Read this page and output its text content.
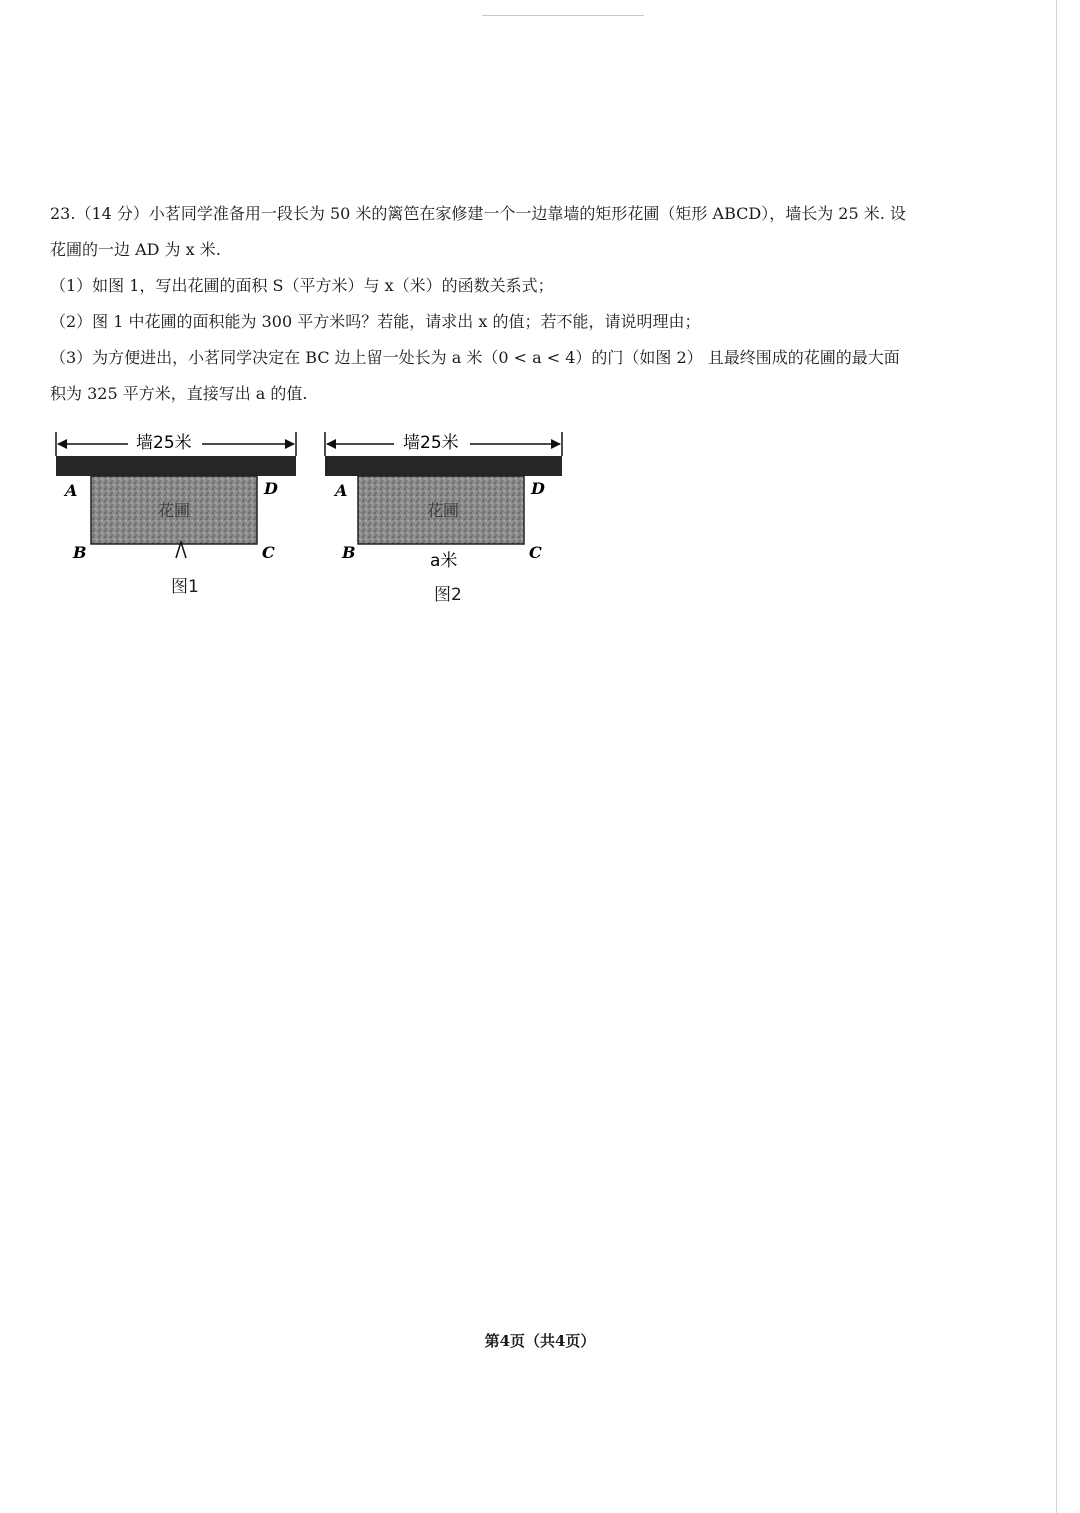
23.（14 分）小茗同学准备用一段长为 50 米的篱笆在家修建一个一边靠墙的矩形花圃（矩形 ABCD），墙长为 25 米. 设

花圃的一边 AD 为 x 米.

（1）如图 1，写出花圃的面积 S（平方米）与 x（米）的函数关系式；

（2）图 1 中花圃的面积能为 300 平方米吗？若能，请求出 x 的值；若不能，请说明理由；

（3）为方便进出，小茗同学决定在 BC 边上留一处长为 a 米（0 < a < 4）的门（如图 2） 且最终围成的花圃的最大面

积为 325 平方米，直接写出 a 的值.

墙25米
花圃
A	D
B	C
墙25米
花圃
A	D
B	C
a米
图1	图2
第4页（共4页）
